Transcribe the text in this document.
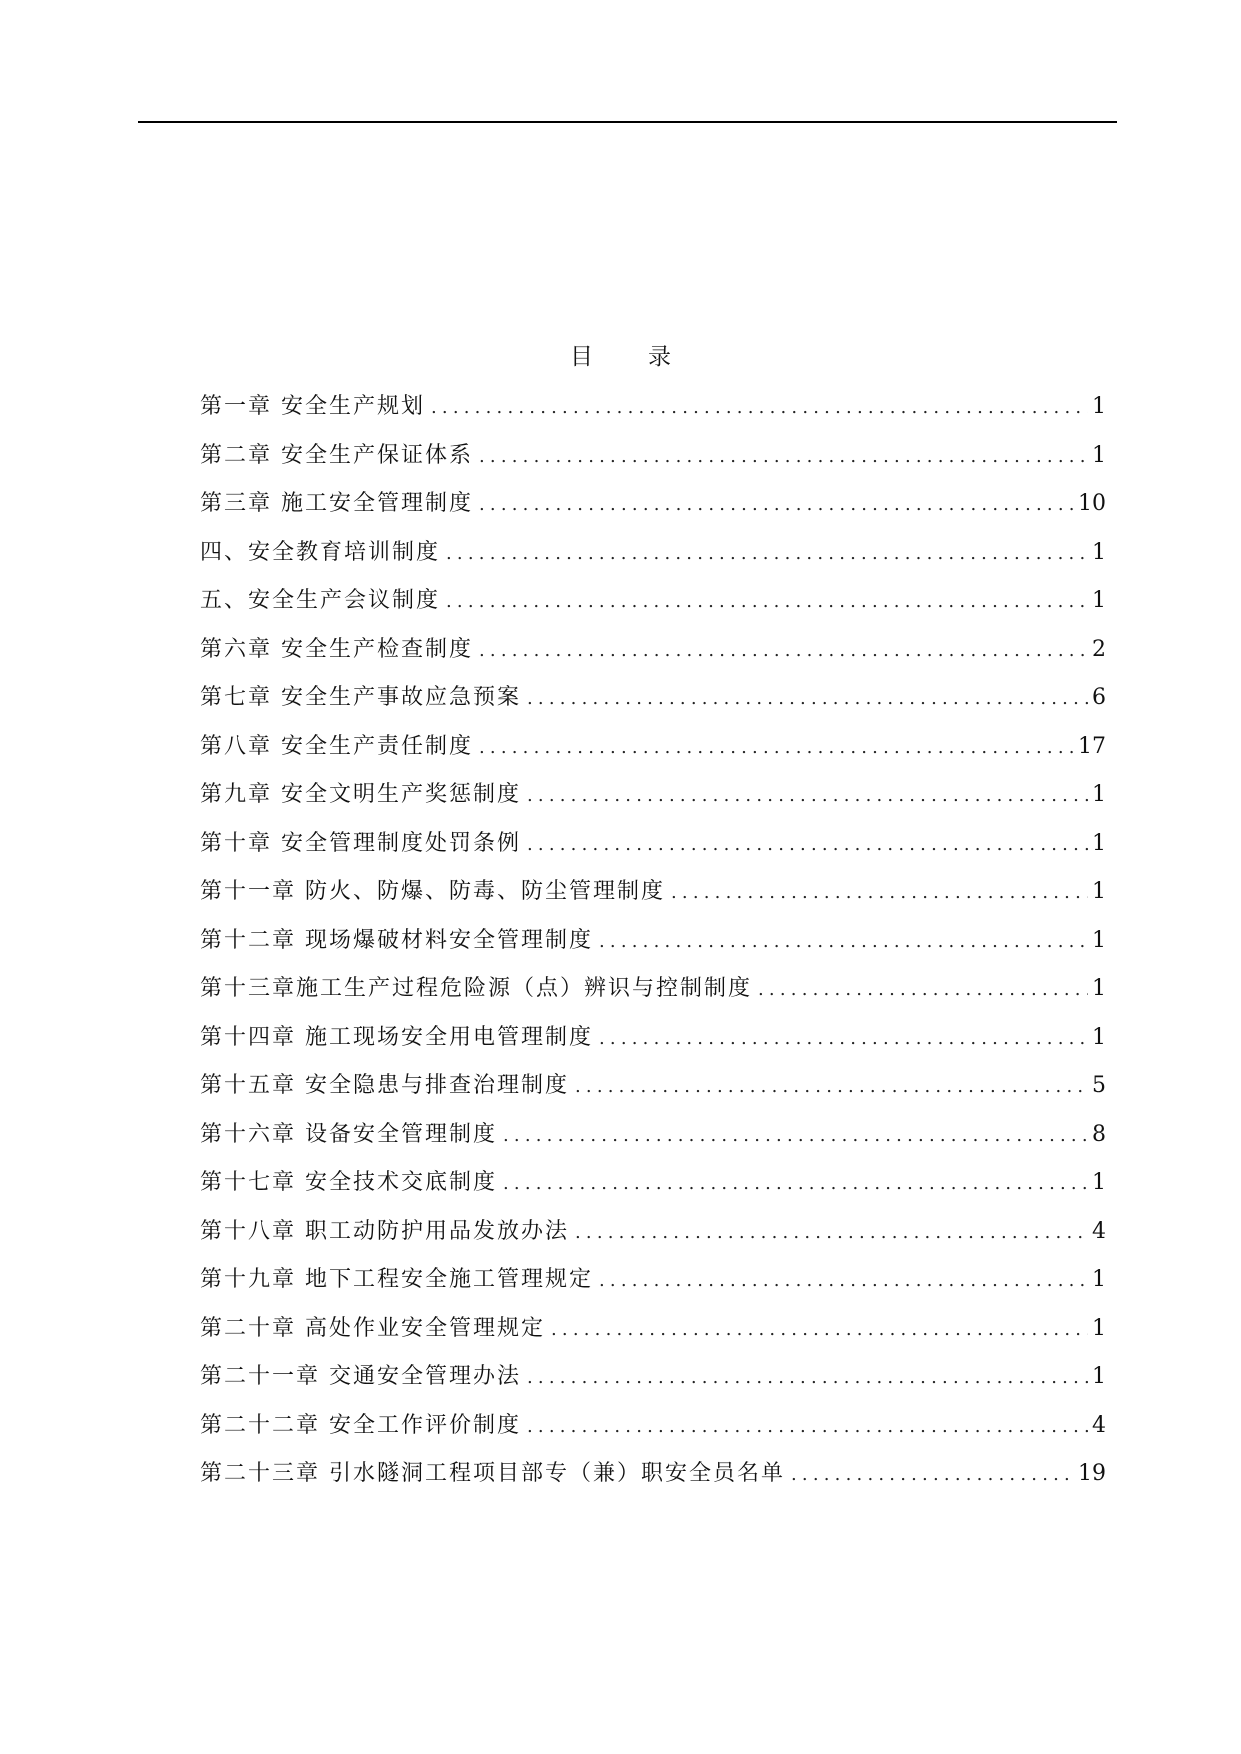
目　录
第一章 安全生产规划 .....	1
第二章 安全生产保证体系 .....	1
第三章 施工安全管理制度 .....	10
四、安全教育培训制度 .....	1
五、安全生产会议制度 .....	1
第六章 安全生产检查制度 .....	2
第七章 安全生产事故应急预案 .....	6
第八章 安全生产责任制度 .....	17
第九章 安全文明生产奖惩制度 .....	1
第十章 安全管理制度处罚条例 .....	1
第十一章 防火、防爆、防毒、防尘管理制度 .....	1
第十二章 现场爆破材料安全管理制度 .....	1
第十三章施工生产过程危险源（点）辨识与控制制度 .....	1
第十四章 施工现场安全用电管理制度 .....	1
第十五章 安全隐患与排查治理制度 .....	5
第十六章 设备安全管理制度 .....	8
第十七章 安全技术交底制度 .....	1
第十八章 职工动防护用品发放办法 .....	4
第十九章 地下工程安全施工管理规定 .....	1
第二十章 高处作业安全管理规定 .....	1
第二十一章 交通安全管理办法 .....	1
第二十二章 安全工作评价制度 .....	4
第二十三章 引水隧洞工程项目部专（兼）职安全员名单 .....	19
